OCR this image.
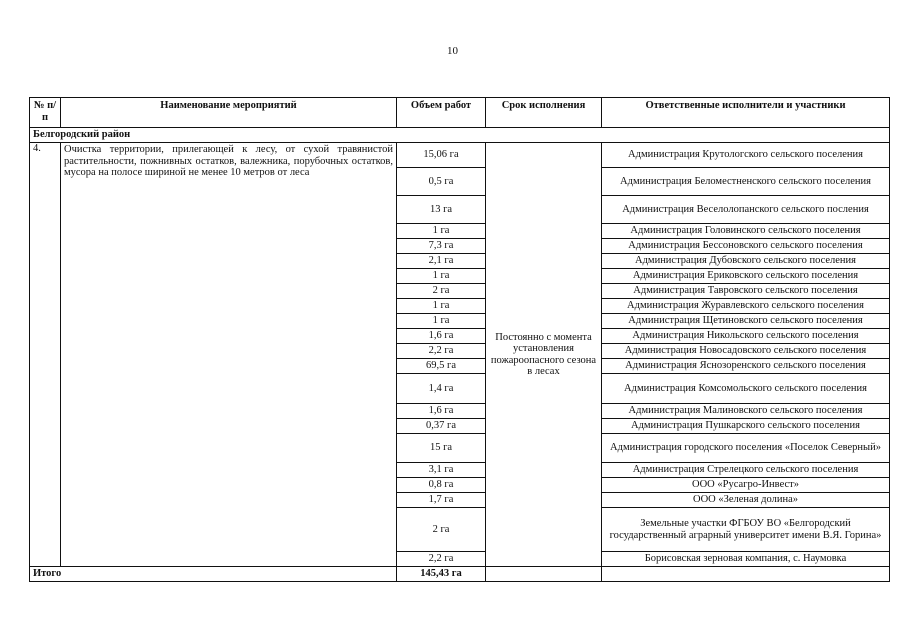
10
№ п/п	Наименование мероприятий	Объем работ	Срок исполнения	Ответственные исполнители и участники
Белгородский район				
4.	Очистка территории, прилегающей к лесу, от сухой травянистой растительности, пожнивных остатков, валежника, порубочных остатков, мусора на полосе шириной не менее 10 метров от леса	15,06 га	Постоянно с момента установления пожароопасного сезона в лесах	Администрация Крутологского сельского поселения
		0,5 га		Администрация Беломестненского сельского поселения
		13 га		Администрация Веселолопанского сельского посления
		1 га		Администрация Головинского сельского поселения
		7,3 га		Администрация Бессоновского сельского поселения
		2,1 га		Администрация Дубовского сельского поселения
		1 га		Администрация Ериковского сельского поселения
		2 га		Администрация Тавровского сельского поселения
		1 га		Администрация Журавлевского сельского поселения
		1 га		Администрация Щетиновского сельского поселения
		1,6 га		Администрация Никольского сельского поселения
		2,2 га		Администрация Новосадовского сельского поселения
		69,5 га		Администрация Яснозоренского сельского поселения
		1,4 га		Администрация Комсомольского сельского поселения
		1,6 га		Администрация Малиновского сельского поселения
		0,37 га		Администрация Пушкарского сельского поселения
		15 га		Администрация городского поселения «Поселок Северный»
		3,1 га		Администрация Стрелецкого сельского поселения
		0,8 га		ООО «Русагро-Инвест»
		1,7 га		ООО «Зеленая долина»
		2 га		Земельные участки ФГБОУ ВО «Белгородский государственный аграрный университет имени В.Я. Горина»
		2,2 га		Борисовская зерновая компания, с. Наумовка
Итого		145,43 га		
